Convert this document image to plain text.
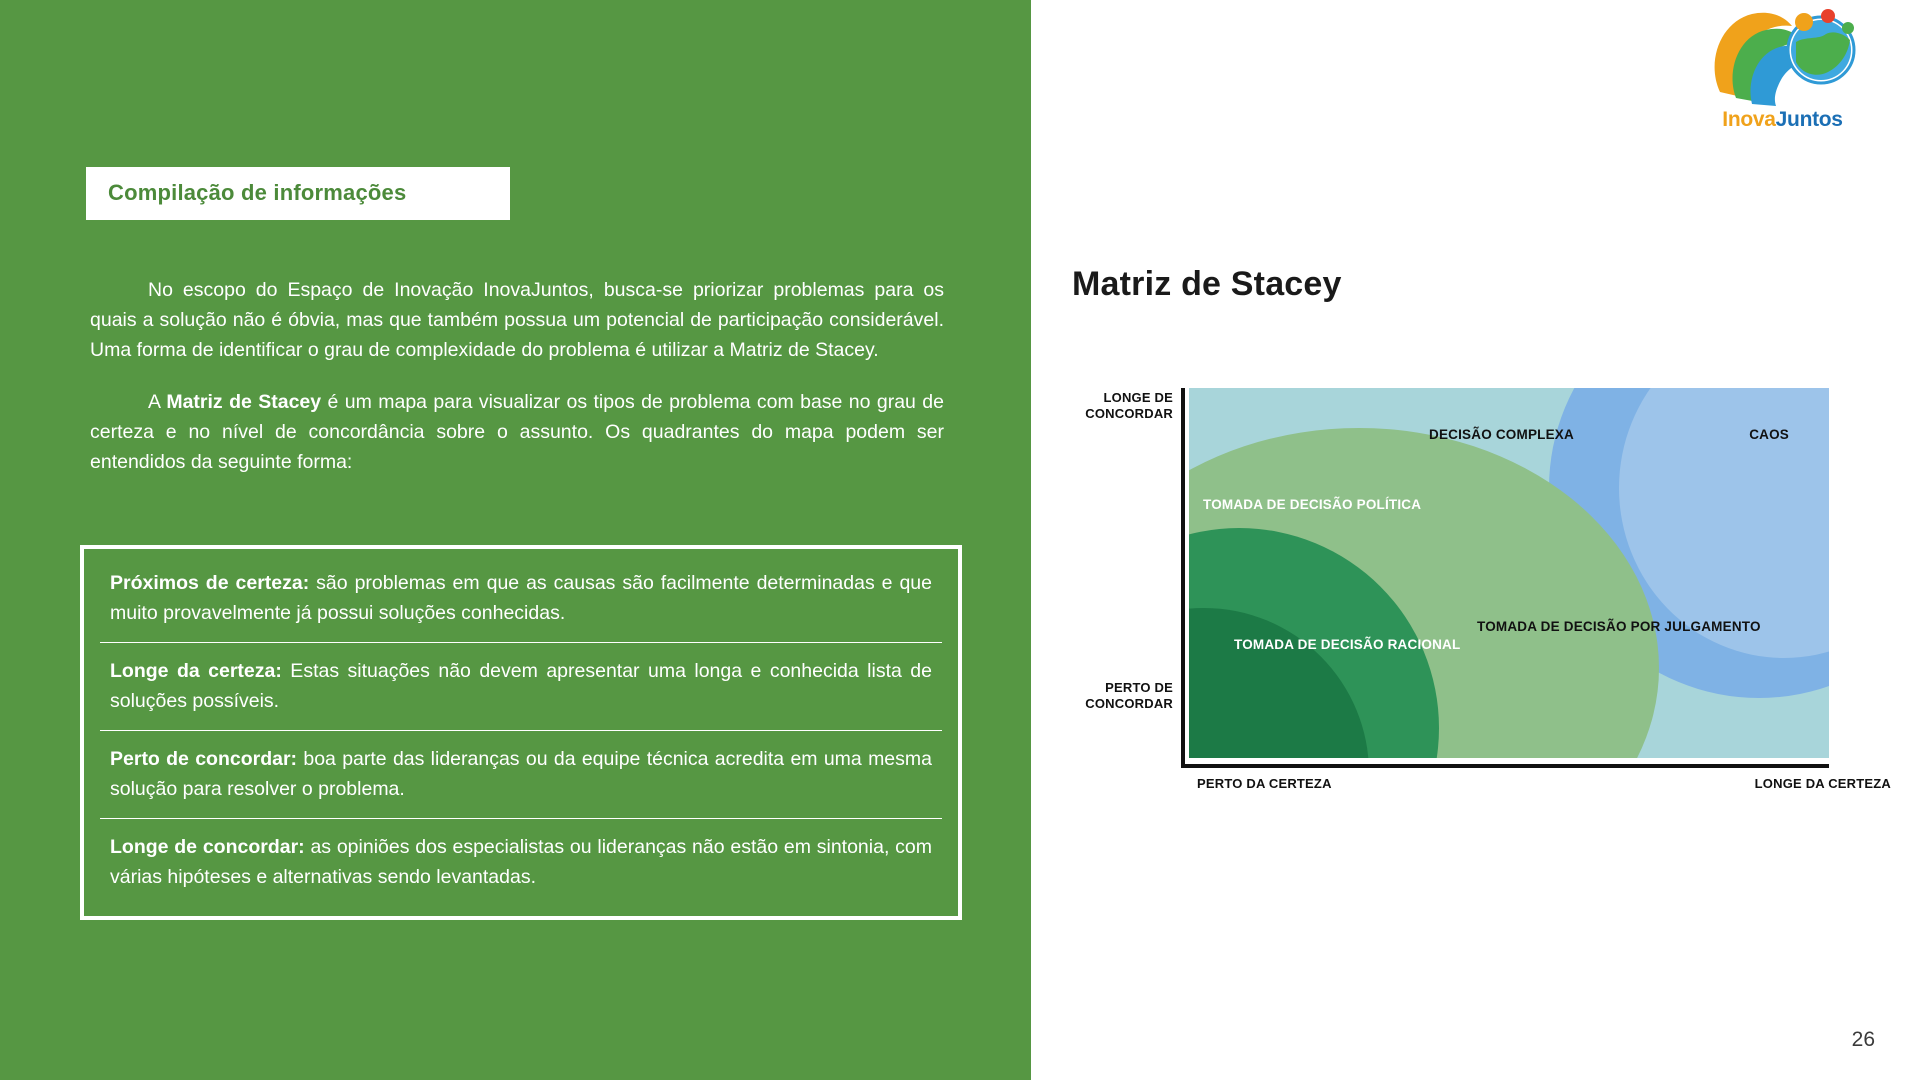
Compilação de informações

No escopo do Espaço de Inovação InovaJuntos, busca-se priorizar problemas para os quais a solução não é óbvia, mas que também possua um potencial de participação considerável. Uma forma de identificar o grau de complexidade do problema é utilizar a Matriz de Stacey.

A Matriz de Stacey é um mapa para visualizar os tipos de problema com base no grau de certeza e no nível de concordância sobre o assunto. Os quadrantes do mapa podem ser entendidos da seguinte forma:

Próximos de certeza: são problemas em que as causas são facilmente determinadas e que muito provavelmente já possui soluções conhecidas.
Longe da certeza: Estas situações não devem apresentar uma longa e conhecida lista de soluções possíveis.
Perto de concordar: boa parte das lideranças ou da equipe técnica acredita em uma mesma solução para resolver o problema.
Longe de concordar: as opiniões dos especialistas ou lideranças não estão em sintonia, com várias hipóteses e alternativas sendo levantadas.
InovaJuntos
Matriz de Stacey
DECISÃO COMPLEXA	CAOS
TOMADA DE DECISÃO POLÍTICA
TOMADA DE DECISÃO RACIONAL
TOMADA DE DECISÃO POR JULGAMENTO
LONGE DE CONCORDAR
PERTO DE CONCORDAR
PERTO DA CERTEZA	LONGE DA CERTEZA
26
